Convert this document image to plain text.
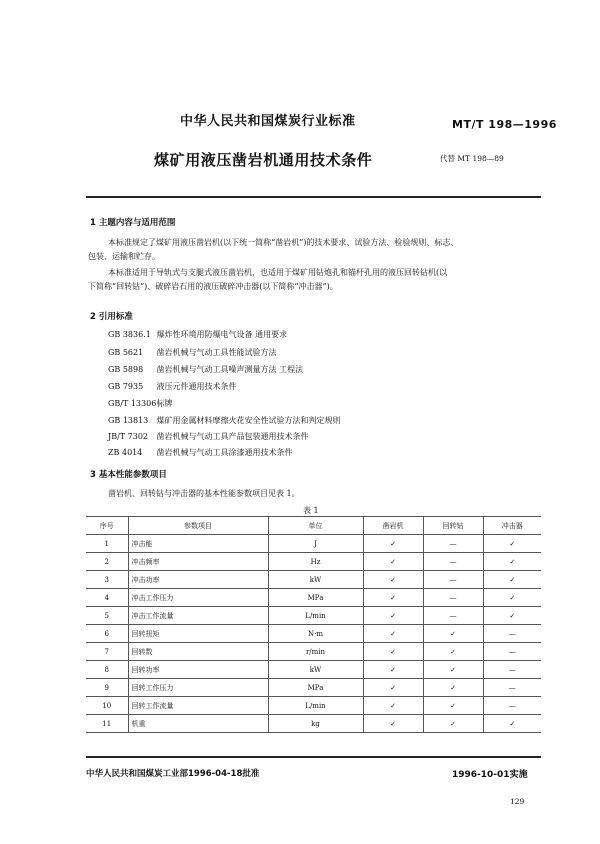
中华人民共和国煤炭行业标准	MT/T 198—1996
煤矿用液压凿岩机通用技术条件	代替 MT 198—89
1 主题内容与适用范围
本标准规定了煤矿用液压凿岩机(以下统一简称“凿岩机”)的技术要求、试验方法、检验规则、标志、
包装、运输和贮存。
本标准适用于导轨式与支腿式液压凿岩机，也适用于煤矿用钻炮孔和锚杆孔用的液压回转钻机(以
下简称“回转钻”)、破碎岩石用的液压破碎冲击器(以下简称“冲击器”)。
2 引用标准
GB 3836.1 爆炸性环境用防爆电气设备 通用要求
GB 5621 凿岩机械与气动工具性能试验方法
GB 5898 凿岩机械与气动工具噪声测量方法 工程法
GB 7935 液压元件通用技术条件
GB/T 13306 标牌
GB 13813 煤矿用金属材料摩擦火花安全性试验方法和判定规则
JB/T 7302 凿岩机械与气动工具产品包装通用技术条件
ZB 4014 凿岩机械与气动工具涂漆通用技术条件
3 基本性能参数项目
凿岩机、回转钻与冲击器的基本性能参数项目见表 1。
表 1
序号	参数项目	单位	凿岩机	回转钻	冲击器
1	冲击能	J	✓	—	✓
2	冲击频率	Hz	✓	—	✓
3	冲击功率	kW	✓	—	✓
4	冲击工作压力	MPa	✓	—	✓
5	冲击工作流量	L/min	✓	—	✓
6	回转扭矩	N·m	✓	✓	—
7	回转数	r/min	✓	✓	—
8	回转功率	kW	✓	✓	—
9	回转工作压力	MPa	✓	✓	—
10	回转工作流量	L/min	✓	✓	—
11	机重	kg	✓	✓	✓
中华人民共和国煤炭工业部1996-04-18批准	1996-10-01实施
129
